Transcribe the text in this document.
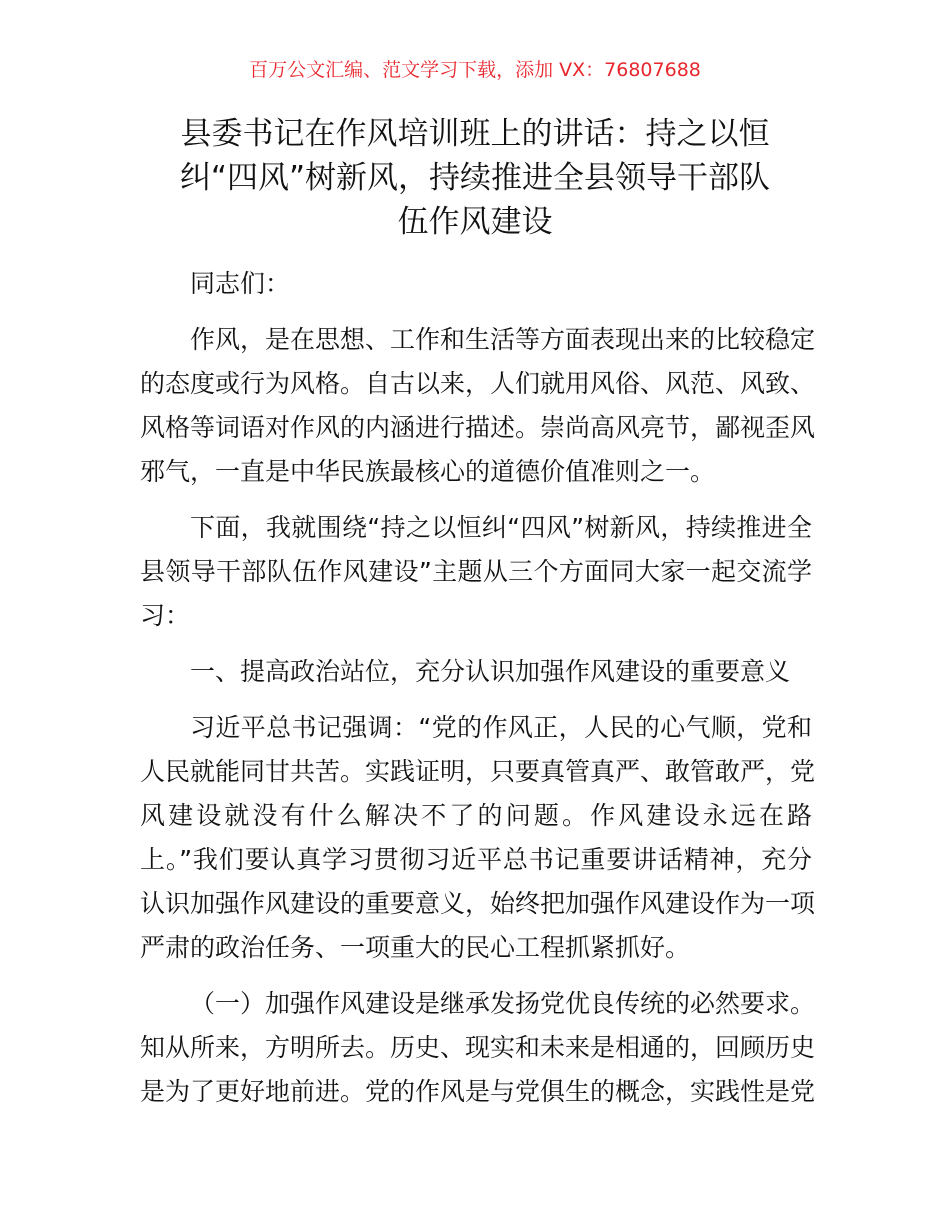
百万公文汇编、范文学习下载，添加 VX：76807688
县委书记在作风培训班上的讲话：持之以恒
纠“四风”树新风，持续推进全县领导干部队
伍作风建设
同志们：
作风，是在思想、工作和生活等方面表现出来的比较稳定
的态度或行为风格。自古以来，人们就用风俗、风范、风致、
风格等词语对作风的内涵进行描述。崇尚高风亮节，鄙视歪风
邪气，一直是中华民族最核心的道德价值准则之一。
下面，我就围绕“持之以恒纠“四风”树新风，持续推进全
县领导干部队伍作风建设”主题从三个方面同大家一起交流学
习：
一、提高政治站位，充分认识加强作风建设的重要意义
习近平总书记强调：“党的作风正，人民的心气顺，党和
人民就能同甘共苦。实践证明，只要真管真严、敢管敢严，党
风建设就没有什么解决不了的问题。作风建设永远在路
上。”我们要认真学习贯彻习近平总书记重要讲话精神，充分
认识加强作风建设的重要意义，始终把加强作风建设作为一项
严肃的政治任务、一项重大的民心工程抓紧抓好。
（一）加强作风建设是继承发扬党优良传统的必然要求。
知从所来，方明所去。历史、现实和未来是相通的，回顾历史
是为了更好地前进。党的作风是与党俱生的概念，实践性是党
